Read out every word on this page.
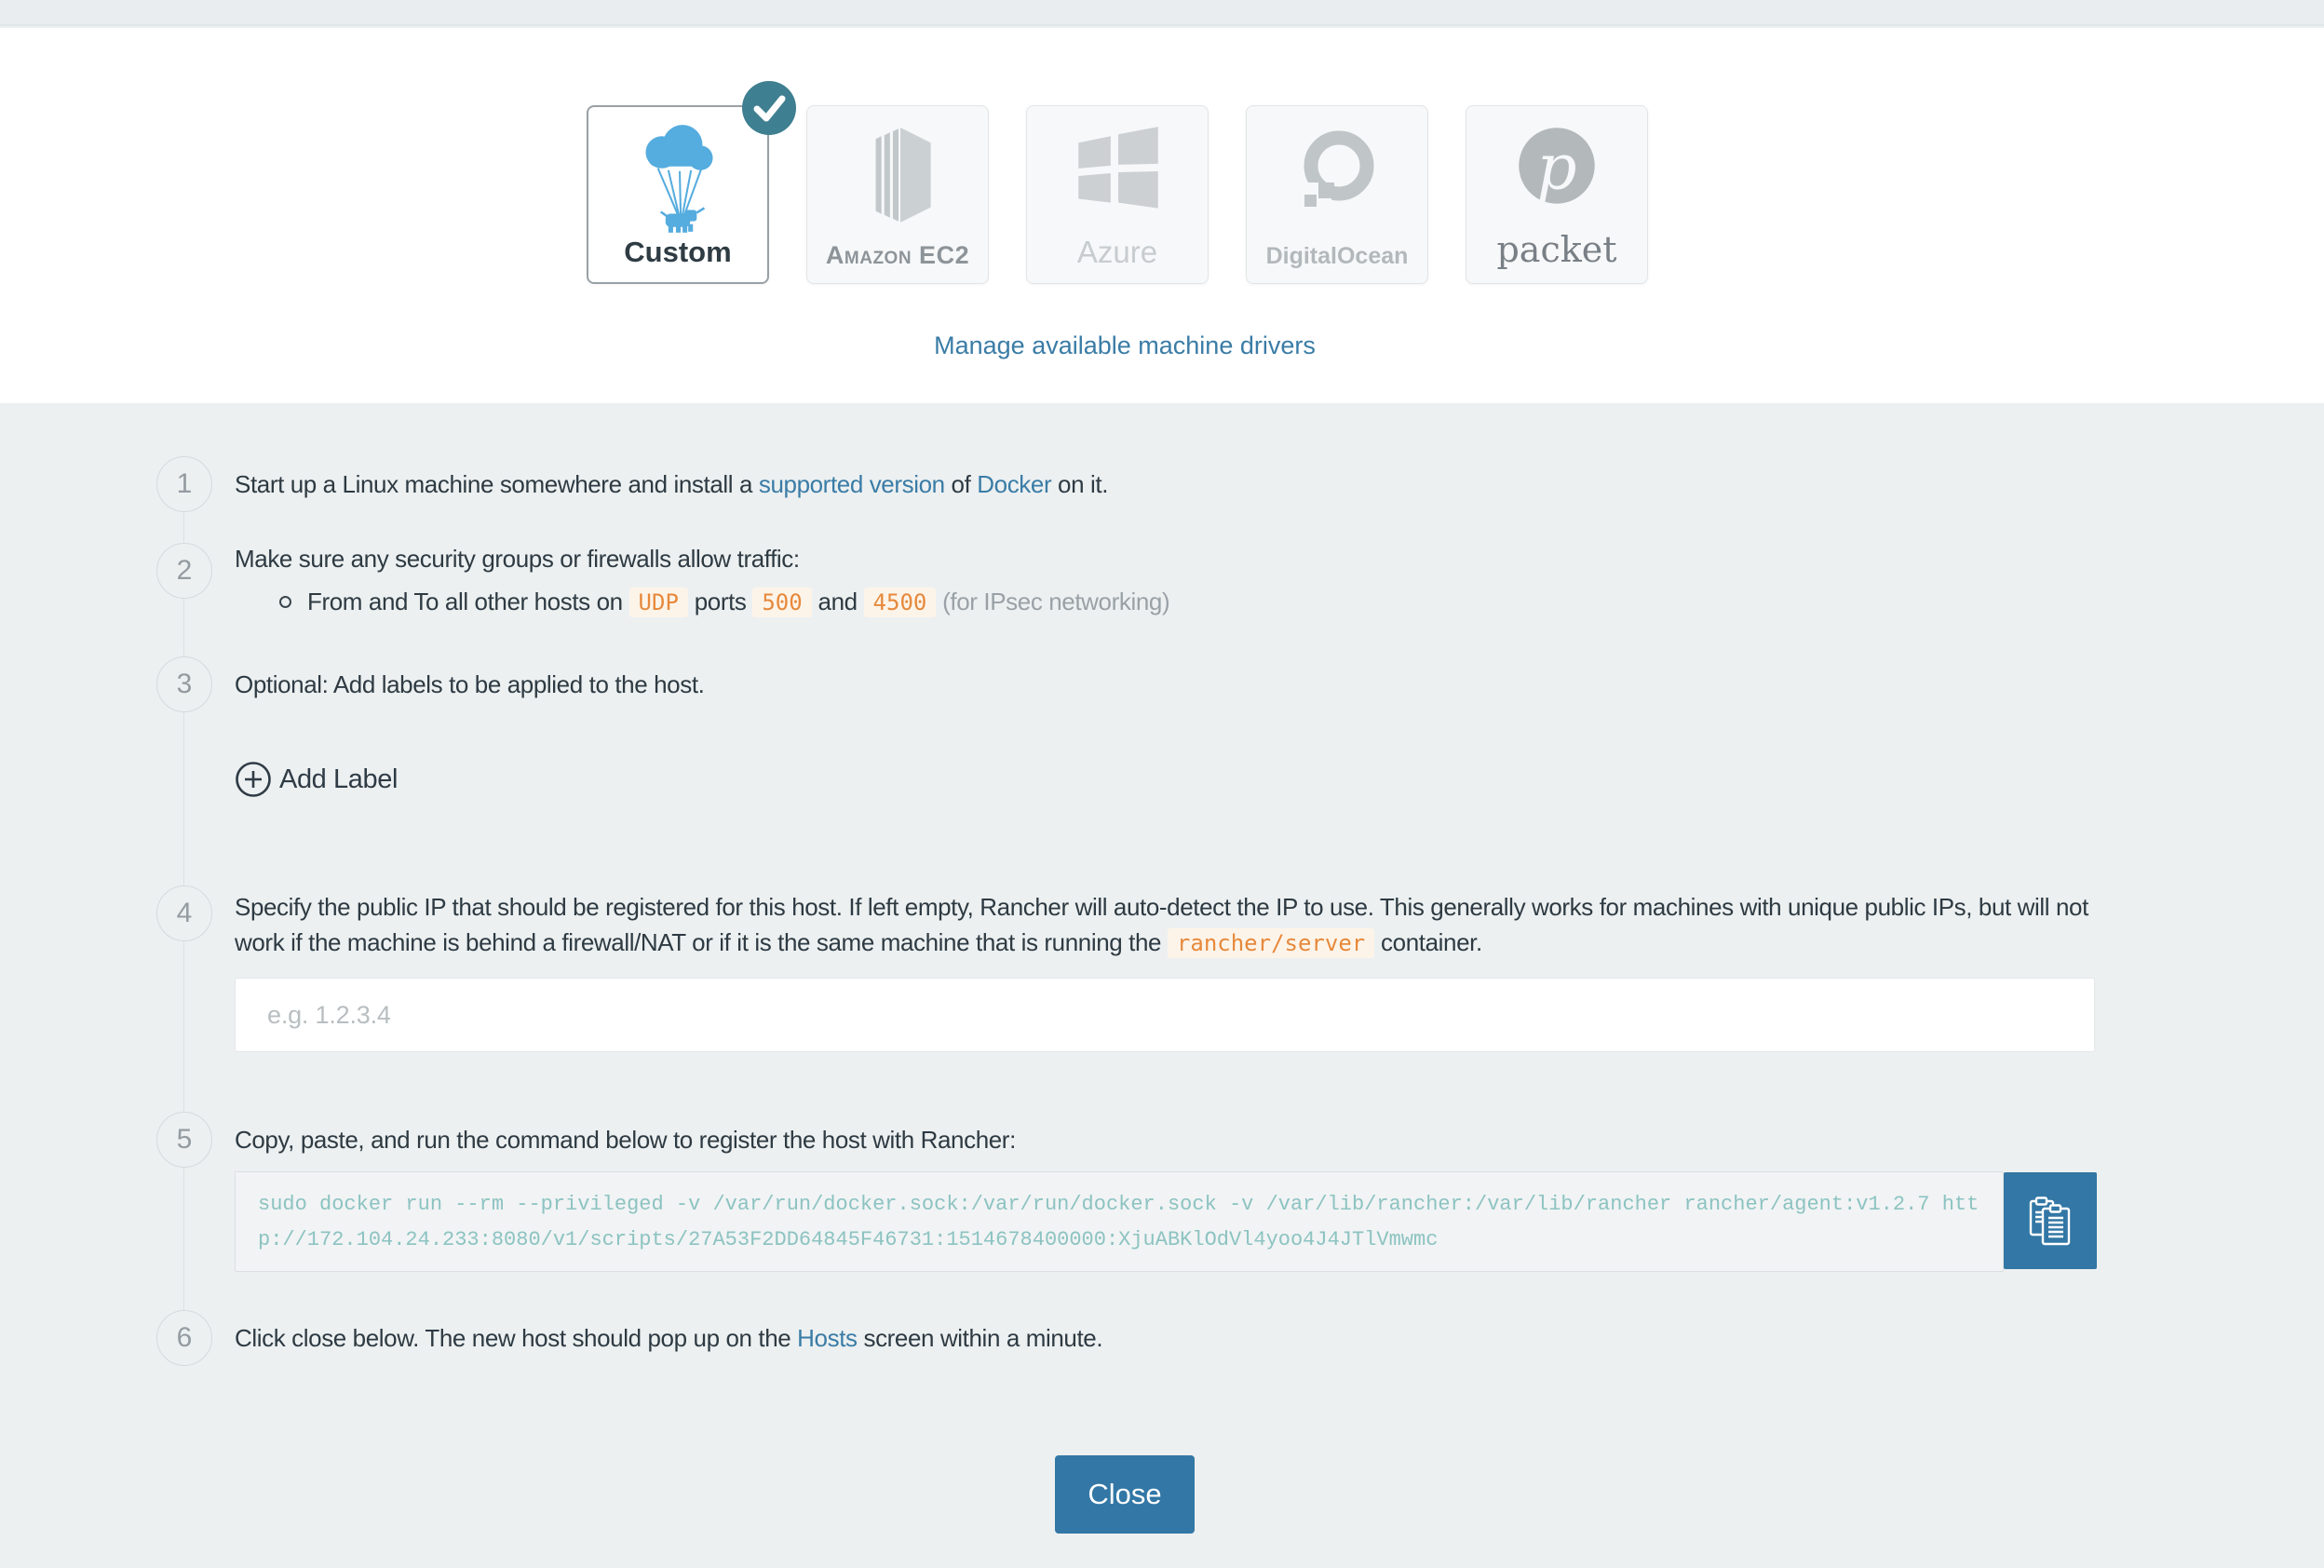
Custom	Amazon EC2	Azure	DigitalOcean
p
packet
Manage available machine drivers
1
2
3
4
5
6
Start up a Linux machine somewhere and install a supported version of Docker on it.
Make sure any security groups or firewalls allow traffic:
From and To all other hosts on UDP ports 500 and 4500 (for IPsec networking)
Optional: Add labels to be applied to the host.
Add Label
Specify the public IP that should be registered for this host. If left empty, Rancher will auto-detect the IP to use. This generally works for machines with unique public IPs, but will not work if the machine is behind a firewall/NAT or if it is the same machine that is running the rancher/server container.
e.g. 1.2.3.4
Copy, paste, and run the command below to register the host with Rancher:
sudo docker run --rm --privileged -v /var/run/docker.sock:/var/run/docker.sock -v /var/lib/rancher:/var/lib/rancher rancher/agent:v1.2.7 http://172.104.24.233:8080/v1/scripts/27A53F2DD64845F46731:1514678400000:XjuABKlOdVl4yoo4J4JTlVmwmc
Click close below. The new host should pop up on the Hosts screen within a minute.
Close
